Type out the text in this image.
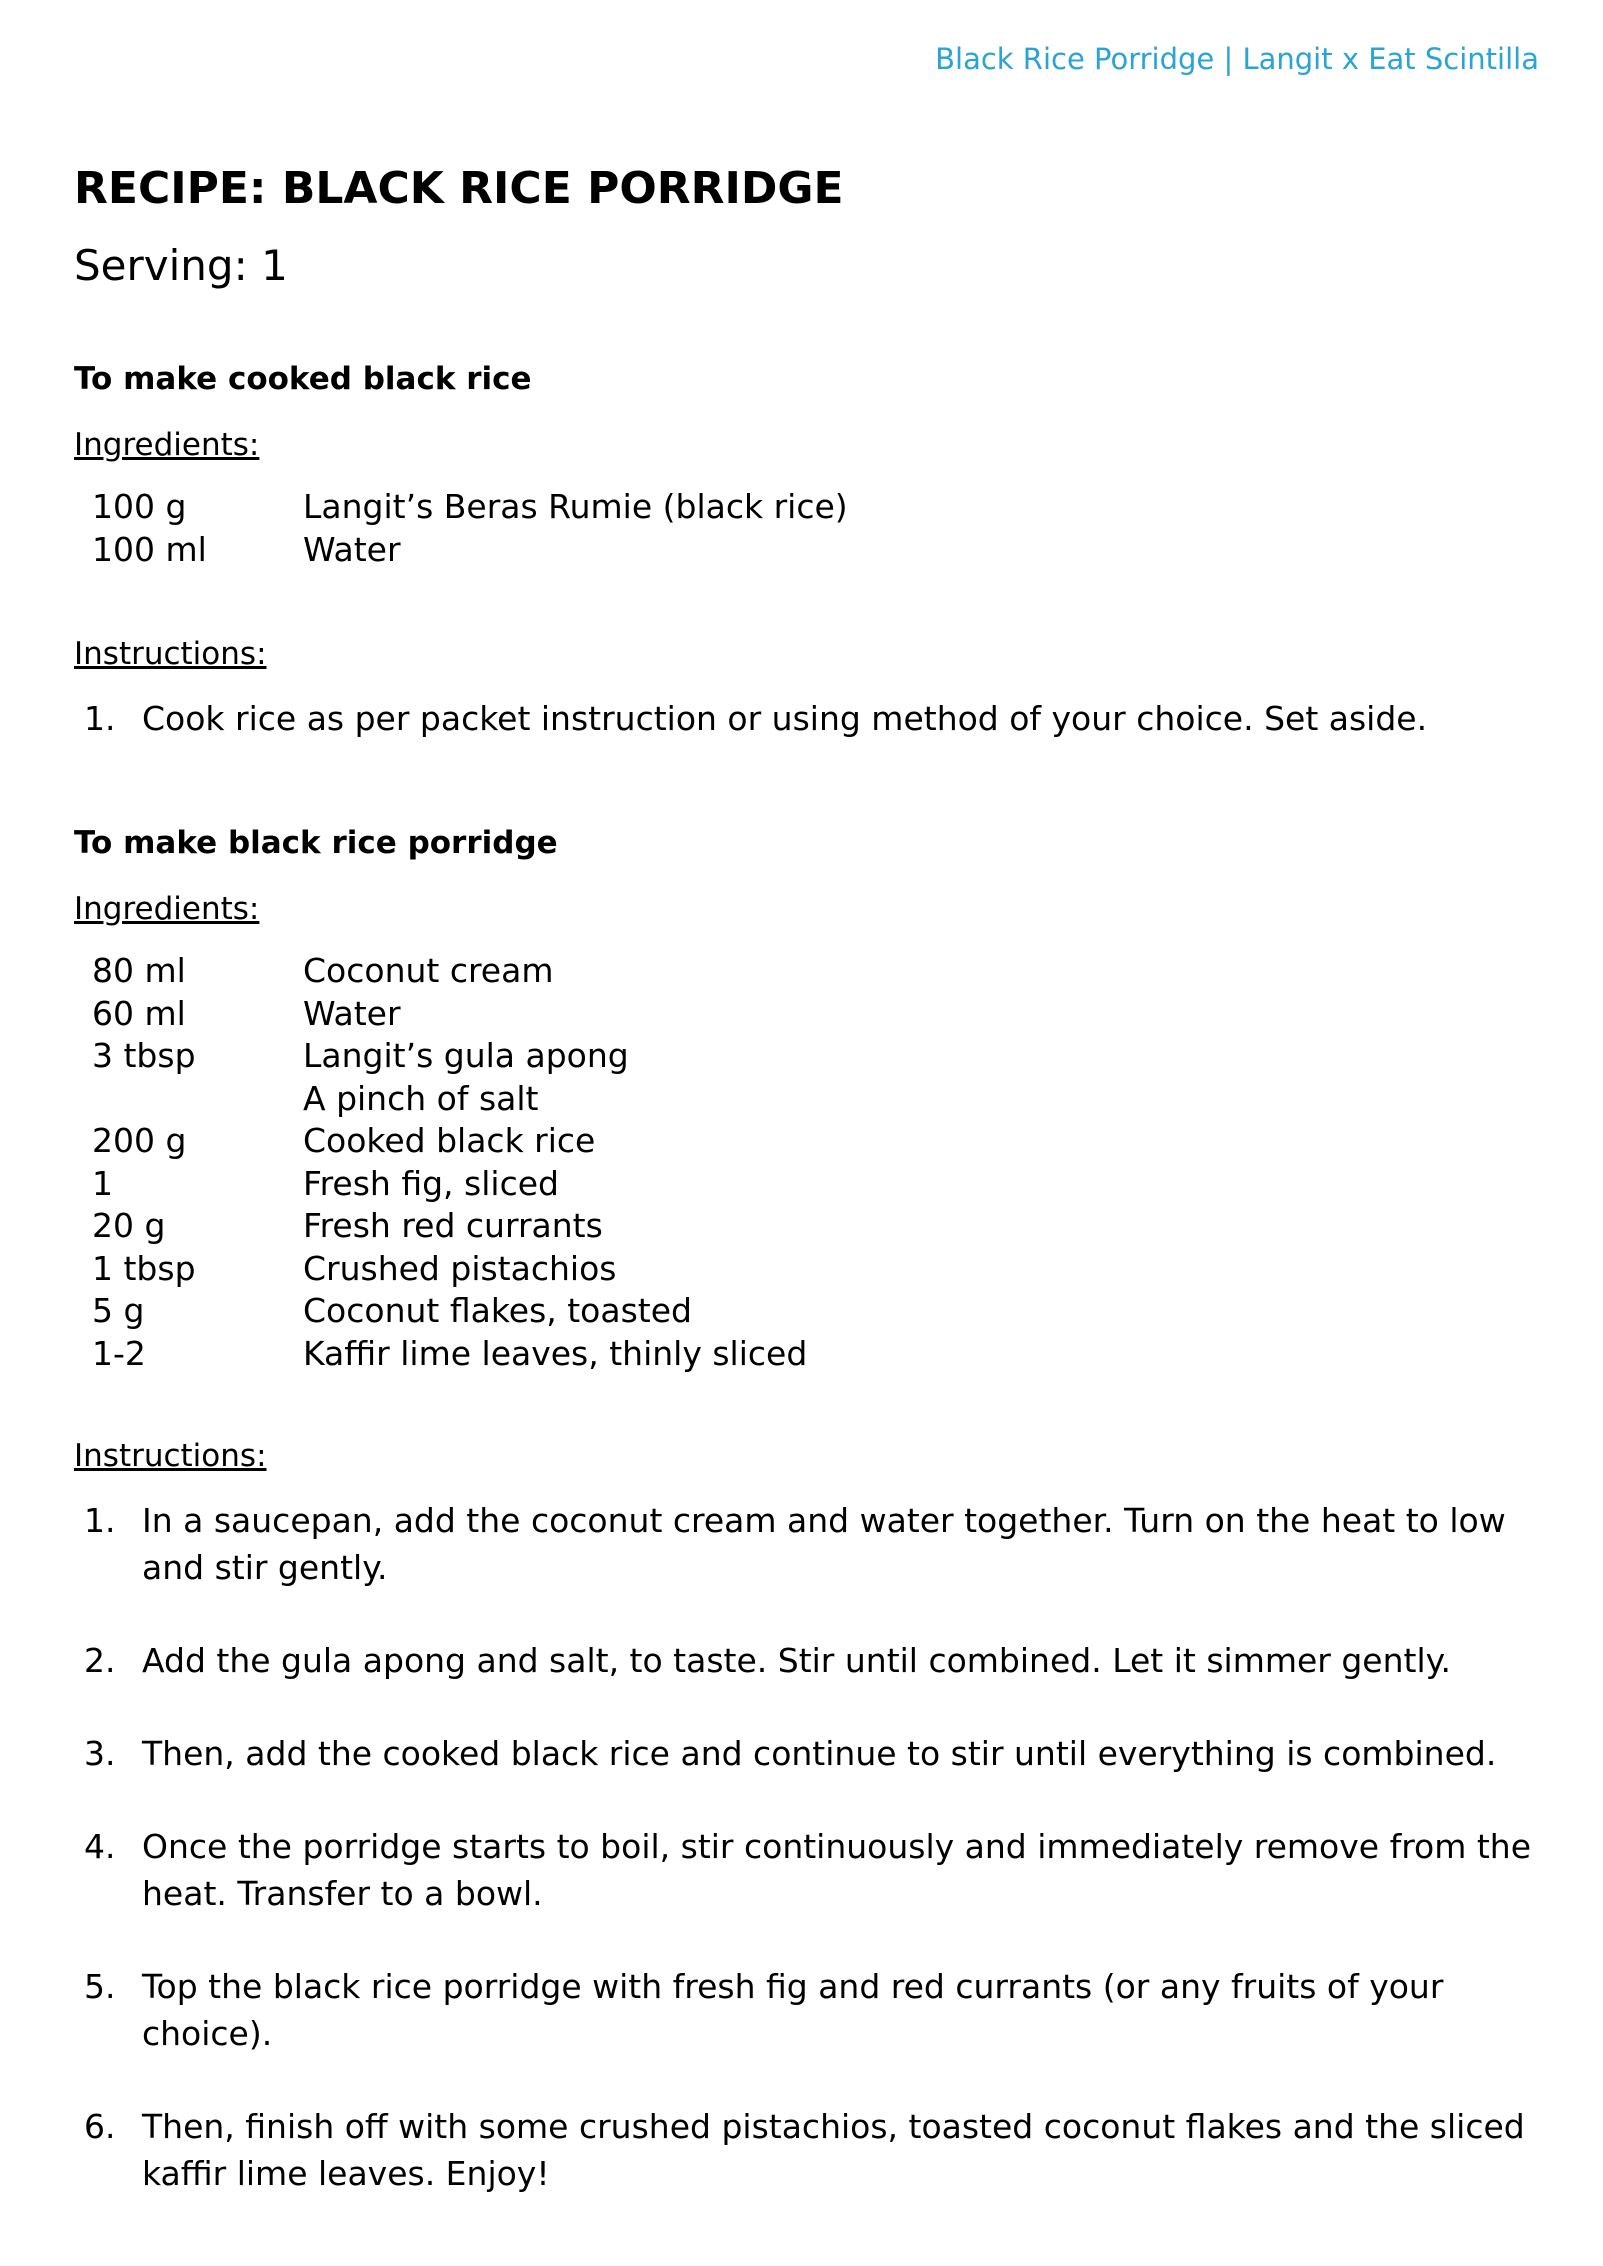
Black Rice Porridge | Langit x Eat Scintilla
RECIPE: BLACK RICE PORRIDGE
Serving: 1
To make cooked black rice
Ingredients:
100 g	Langit’s Beras Rumie (black rice)
100 ml	Water
Instructions:
1. Cook rice as per packet instruction or using method of your choice. Set aside.
To make black rice porridge
Ingredients:
80 ml	Coconut cream
60 ml	Water
3 tbsp	Langit’s gula apong
A pinch of salt
200 g	Cooked black rice
1	Fresh fig, sliced
20 g	Fresh red currants
1 tbsp	Crushed pistachios
5 g	Coconut flakes, toasted
1-2	Kaffir lime leaves, thinly sliced
Instructions:
1. In a saucepan, add the coconut cream and water together. Turn on the heat to low and stir gently.
2. Add the gula apong and salt, to taste. Stir until combined. Let it simmer gently.
3. Then, add the cooked black rice and continue to stir until everything is combined.
4. Once the porridge starts to boil, stir continuously and immediately remove from the heat. Transfer to a bowl.
5. Top the black rice porridge with fresh fig and red currants (or any fruits of your choice).
6. Then, finish off with some crushed pistachios, toasted coconut flakes and the sliced kaffir lime leaves. Enjoy!
